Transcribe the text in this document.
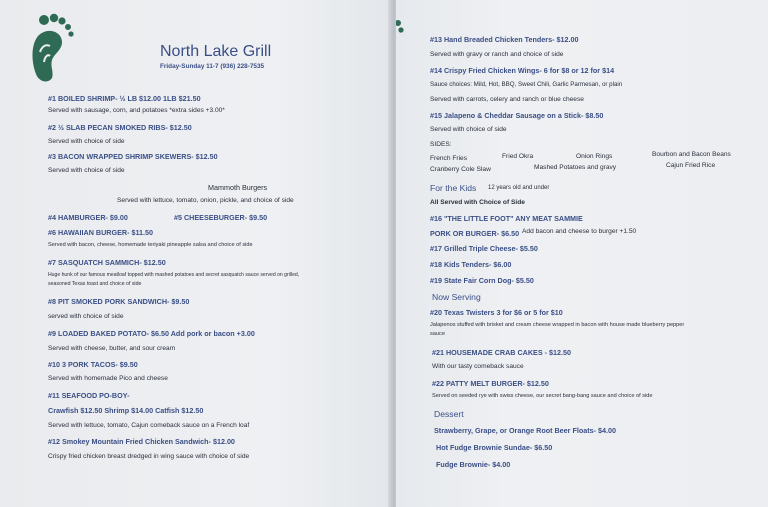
North Lake Grill
Friday-Sunday 11-7 (936) 228-7535
#1 BOILED SHRIMP- ½ LB $12.00 1LB $21.50
Served with sausage, corn, and potatoes *extra sides +3.00*
#2 ½ SLAB PECAN SMOKED RIBS- $12.50
Served with choice of side
#3 BACON WRAPPED SHRIMP SKEWERS- $12.50
Served with choice of side
Mammoth Burgers
Served with lettuce, tomato, onion, pickle, and choice of side
#4 HAMBURGER- $9.00	#5 CHEESEBURGER- $9.50
#6 HAWAIIAN BURGER- $11.50
Served with bacon, cheese, homemade teriyaki pineapple salsa and choice of side
#7 SASQUATCH SAMMICH- $12.50
Huge hunk of our famous meatloaf topped with mashed potatoes and secret sasquatch sauce served on grilled,
seasoned Texas toast and choice of side
#8 PIT SMOKED PORK SANDWICH- $9.50
served with choice of side
#9 LOADED BAKED POTATO- $6.50 Add pork or bacon +3.00
Served with cheese, butter, and sour cream
#10 3 PORK TACOS- $9.50
Served with homemade Pico and cheese
#11 SEAFOOD PO-BOY-
Crawfish $12.50 Shrimp $14.00 Catfish $12.50
Served with lettuce, tomato, Cajun comeback sauce on a French loaf
#12 Smokey Mountain Fried Chicken Sandwich- $12.00
Crispy fried chicken breast dredged in wing sauce with choice of side
#13 Hand Breaded Chicken Tenders- $12.00
Served with gravy or ranch and choice of side
#14 Crispy Fried Chicken Wings- 6 for $8 or 12 for $14
Sauce choices: Mild, Hot, BBQ, Sweet Chili, Garlic Parmesan, or plain
Served with carrots, celery and ranch or blue cheese
#15 Jalapeno & Cheddar Sausage on a Stick- $8.50
Served with choice of side
SIDES:
French Fries	Fried Okra	Onion Rings	Bourbon and Bacon Beans
Cranberry Cole Slaw	Mashed Potatoes and gravy	Cajun Fried Rice
For the Kids 12 years old and under
All Served with Choice of Side
#16 "THE LITTLE FOOT" ANY MEAT SAMMIE
PORK OR BURGER- $6.50 Add bacon and cheese to burger +1.50
#17 Grilled Triple Cheese- $5.50
#18 Kids Tenders- $6.00
#19 State Fair Corn Dog- $5.50
Now Serving
#20 Texas Twisters 3 for $6 or 5 for $10
Jalapenos stuffed with brisket and cream cheese wrapped in bacon with house made blueberry pepper
sauce
#21 HOUSEMADE CRAB CAKES - $12.50
With our tasty comeback sauce
#22 PATTY MELT BURGER- $12.50
Served on seeded rye with swiss cheese, our secret bang-bang sauce and choice of side
Dessert
Strawberry, Grape, or Orange Root Beer Floats- $4.00
Hot Fudge Brownie Sundae- $6.50
Fudge Brownie- $4.00
